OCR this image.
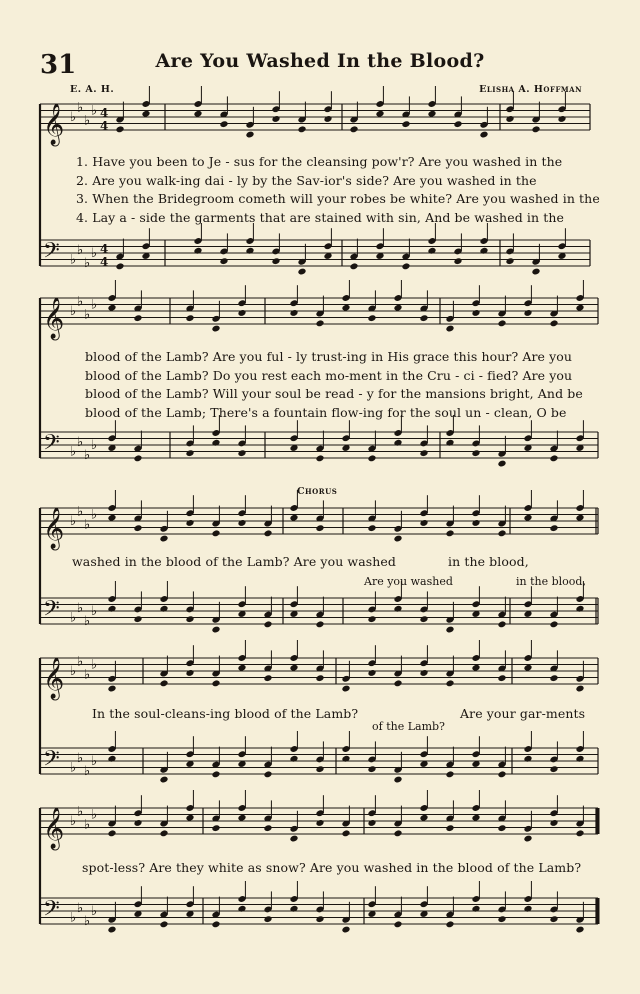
31	Are You Washed In the Blood?
E. A. H.	Elisha A. Hoffman
𝄞 ♭
♭
♭
♭ 4
4
𝄢 ♭
♭
♭
♭ 4
4
𝄞 ♭
♭
♭
♭
𝄢 ♭
♭
♭
♭
𝄞 ♭
♭
♭
♭
𝄢 ♭
♭
♭
♭
𝄞 ♭
♭
♭
♭
𝄢 ♭
♭
♭
♭
𝄞 ♭
♭
♭
♭
𝄢 ♭
♭
♭
♭
1. Have you been to Je - sus for the cleansing pow'r? Are you washed in the
2. Are you walk-ing dai - ly by the Sav-ior's side? Are you washed in the
3. When the Bridegroom cometh will your robes be white? Are you washed in the
4. Lay a - side the garments that are stained with sin, And be washed in the
blood of the Lamb? Are you ful - ly trust-ing in His grace this hour? Are you
blood of the Lamb? Do you rest each mo-ment in the Cru - ci - fied? Are you
blood of the Lamb? Will your soul be read - y for the mansions bright, And be
blood of the Lamb; There's a fountain flow-ing for the soul un - clean, O be
Chorus
washed in the blood of the Lamb? Are you washed	in the blood,
Are you washed	in the blood,
In the soul-cleans-ing blood of the Lamb?	Are your gar-ments
of the Lamb?
spot-less? Are they white as snow? Are you washed in the blood of the Lamb?
